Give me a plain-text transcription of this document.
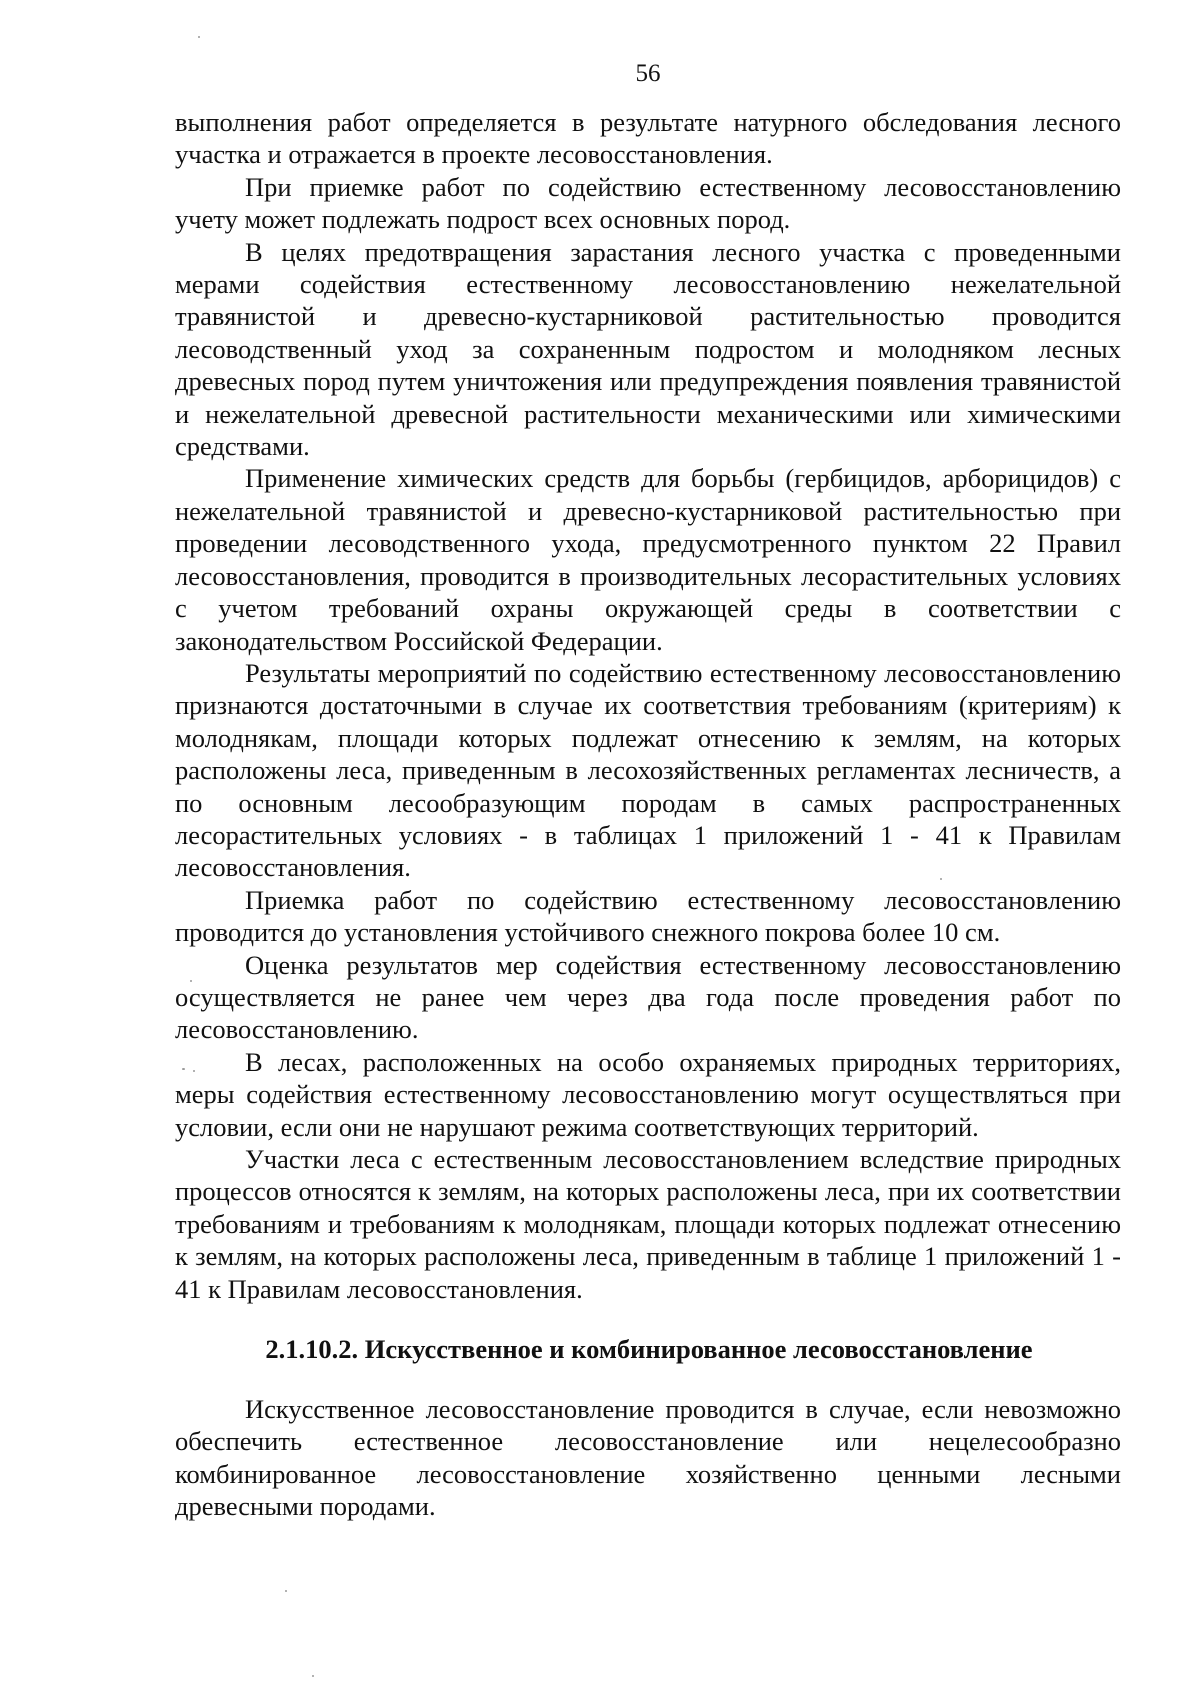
56

выполнения работ определяется в результате натурного обследования лесного участка и отражается в проекте лесовосстановления.

При приемке работ по содействию естественному лесовосстановлению учету может подлежать подрост всех основных пород.

В целях предотвращения зарастания лесного участка с проведенными мерами содействия естественному лесовосстановлению нежелательной травянистой и древесно-кустарниковой растительностью проводится лесоводственный уход за сохраненным подростом и молодняком лесных древесных пород путем уничтожения или предупреждения появления травянистой и нежелательной древесной растительности механическими или химическими средствами.

Применение химических средств для борьбы (гербицидов, арборицидов) с нежелательной травянистой и древесно-кустарниковой растительностью при проведении лесоводственного ухода, предусмотренного пунктом 22 Правил лесовосстановления, проводится в производительных лесорастительных условиях с учетом требований охраны окружающей среды в соответствии с законодательством Российской Федерации.

Результаты мероприятий по содействию естественному лесовосстановлению признаются достаточными в случае их соответствия требованиям (критериям) к молоднякам, площади которых подлежат отнесению к землям, на которых расположены леса, приведенным в лесохозяйственных регламентах лесничеств, а по основным лесообразующим породам в самых распространенных лесорастительных условиях - в таблицах 1 приложений 1 - 41 к Правилам лесовосстановления.

Приемка работ по содействию естественному лесовосстановлению проводится до установления устойчивого снежного покрова более 10 см.

Оценка результатов мер содействия естественному лесовосстановлению осуществляется не ранее чем через два года после проведения работ по лесовосстановлению.

В лесах, расположенных на особо охраняемых природных территориях, меры содействия естественному лесовосстановлению могут осуществляться при условии, если они не нарушают режима соответствующих территорий.

Участки леса с естественным лесовосстановлением вследствие природных процессов относятся к землям, на которых расположены леса, при их соответствии требованиям и требованиям к молоднякам, площади которых подлежат отнесению к землям, на которых расположены леса, приведенным в таблице 1 приложений 1 - 41 к Правилам лесовосстановления.

2.1.10.2. Искусственное и комбинированное лесовосстановление

Искусственное лесовосстановление проводится в случае, если невозможно обеспечить естественное лесовосстановление или нецелесообразно комбинированное лесовосстановление хозяйственно ценными лесными древесными породами.
